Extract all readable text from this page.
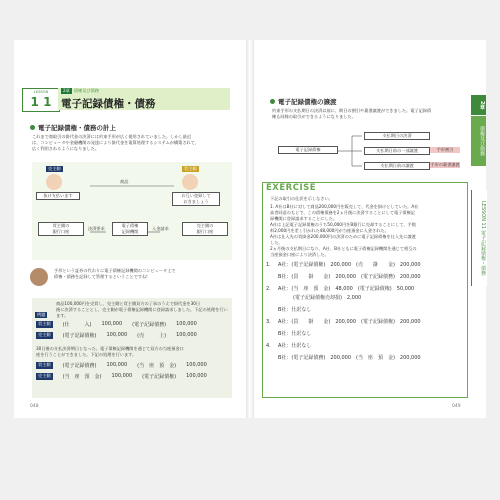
LESSON
1 1
2章 債権及び債務
電子記録債権・債務
電子記録債権・債務の計上
これまで商取引の掛代金の決済には約束手形が広く使用されていました。しかし最近
は、コンピュータや金融機関の発達により掛代金を電算処理するシステムが構築されて、
広く利用されるようになりました。
売主側	買主側
商品
抜け支払います	お互い登録して
おきましょう
買主側の
銀行口座
決済要求
電子債権
記録機関
入金請求
売主側の
銀行口座
手形という証券の代わりに電子債権記録機関のコンピュータ上で
債権・債務を記録して管理するということですね!
例題
商品100,000円を売買し、売主側と買主側双方の了承のうえで掛代金を30日
後に決済することとし、売主側が電子債権記録機関に登録請求しました。下記の処理を行います。
買主側	(仕　　　入) 100,000 (電子記録債務) 100,000
売主側	(電子記録債権) 100,000 (売　　　上) 100,000
30日後の支払決済期日となった。電子債権記録機関を通じて双方の当座預金口
座を行うことができました。下記の処理を行います。
買主側	(電子記録債務) 100,000 (当　座　預　金) 100,000
売主側	(当　座　預　金) 100,000 (電子記録債権) 100,000
048
電子記録債権の譲渡
約束手形の支払期日の決済以前に、期日の割引や裏書譲渡ができました。電子記録債
権も同様の取引ができるようになりました。
電子記録債権
支払期日の決済
支払期日前の一部譲渡	手形割引
支払期日前の譲渡	手形の裏書譲渡
EXERCISE
下記の取引の仕訳を示しなさい。
1. A社はB社に対して商品200,000円を販売して、代金を掛けとしていた。A社
高者同意のもとで、この債権債務を2ヵ月後に決済することにして電子債権記
録機関に登録請求することにした。
A社は上記電子記録債権のうち50,000円をB銀行に売却することにして、手数
料2,000円を差し引かれた48,000円が当座預金に入金された。
A社は仕入先の買掛金200,000円の決済のために電子記録債権を仕入先に譲渡
した。
2ヵ月後の支払期日になり、A社、B社ともに電子債権記録機関を通じて相互の
当座預金口座により決済した。
1.	A社：(電子記録債権)　200,000　(売　　掛　　金)　200,000
B社：(買　　掛　　金)　200,000　(電子記録債務)　200,000
2.	A社：(当　座　預　金)　48,000　(電子記録債権)　50,000
　　　(電子記録債権売却損)　2,000
B社：仕訳なし
3.	A社：(買　　掛　　金)　200,000　(電子記録債権)　200,000
B社：仕訳なし
4.	A社：仕訳なし
B社：(電子記録債務)　200,000　(当　座　預　金)　200,000
2章
債権及び債務
LESSON 11 電子記録債権・債務
049
